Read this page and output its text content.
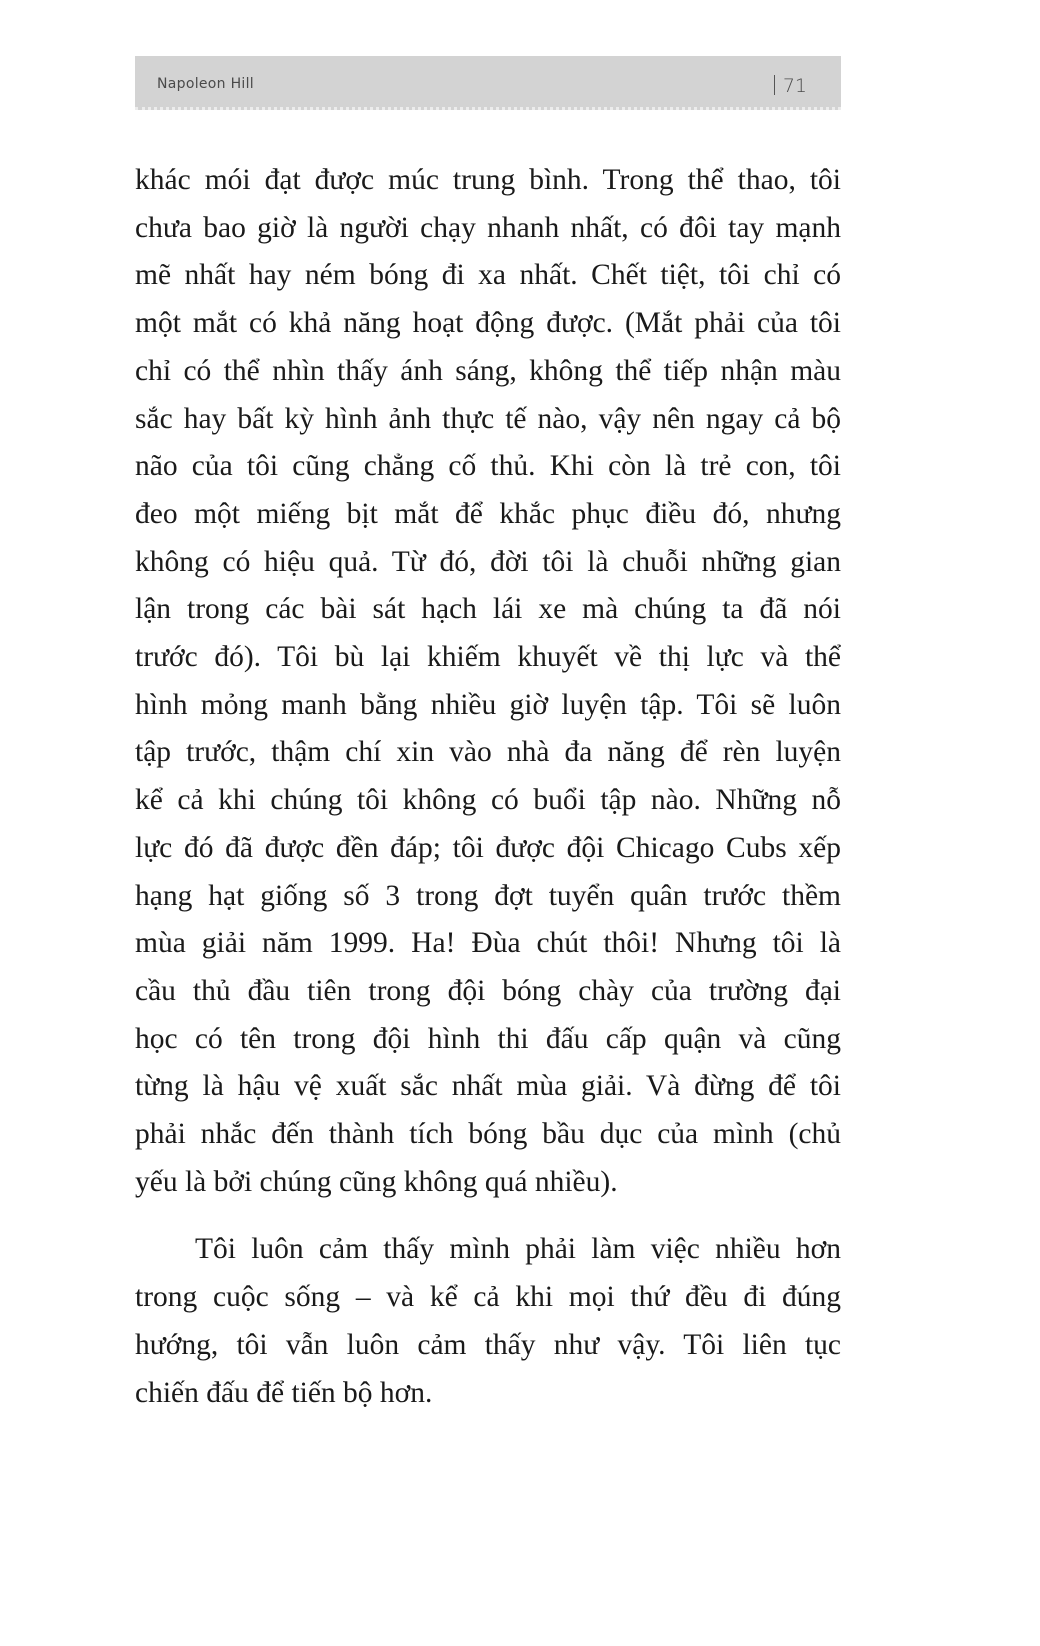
Napoleon Hill	71

khác mói đạt được múc trung bình. Trong thể thao, tôi
chưa bao giờ là người chạy nhanh nhất, có đôi tay mạnh
mẽ nhất hay ném bóng đi xa nhất. Chết tiệt, tôi chỉ có
một mắt có khả năng hoạt động được. (Mắt phải của tôi
chỉ có thể nhìn thấy ánh sáng, không thể tiếp nhận màu
sắc hay bất kỳ hình ảnh thực tế nào, vậy nên ngay cả bộ
não của tôi cũng chẳng cố thủ. Khi còn là trẻ con, tôi
đeo một miếng bịt mắt để khắc phục điều đó, nhưng
không có hiệu quả. Từ đó, đời tôi là chuỗi những gian
lận trong các bài sát hạch lái xe mà chúng ta đã nói
trước đó). Tôi bù lại khiếm khuyết về thị lực và thể
hình mỏng manh bằng nhiều giờ luyện tập. Tôi sẽ luôn
tập trước, thậm chí xin vào nhà đa năng để rèn luyện
kể cả khi chúng tôi không có buổi tập nào. Những nỗ
lực đó đã được đền đáp; tôi được đội Chicago Cubs xếp
hạng hạt giống số 3 trong đợt tuyển quân trước thềm
mùa giải năm 1999. Ha! Đùa chút thôi! Nhưng tôi là
cầu thủ đầu tiên trong đội bóng chày của trường đại
học có tên trong đội hình thi đấu cấp quận và cũng
từng là hậu vệ xuất sắc nhất mùa giải. Và đừng để tôi
phải nhắc đến thành tích bóng bầu dục của mình (chủ
yếu là bởi chúng cũng không quá nhiều).

Tôi luôn cảm thấy mình phải làm việc nhiều hơn
trong cuộc sống – và kể cả khi mọi thứ đều đi đúng
hướng, tôi vẫn luôn cảm thấy như vậy. Tôi liên tục
chiến đấu để tiến bộ hơn.
